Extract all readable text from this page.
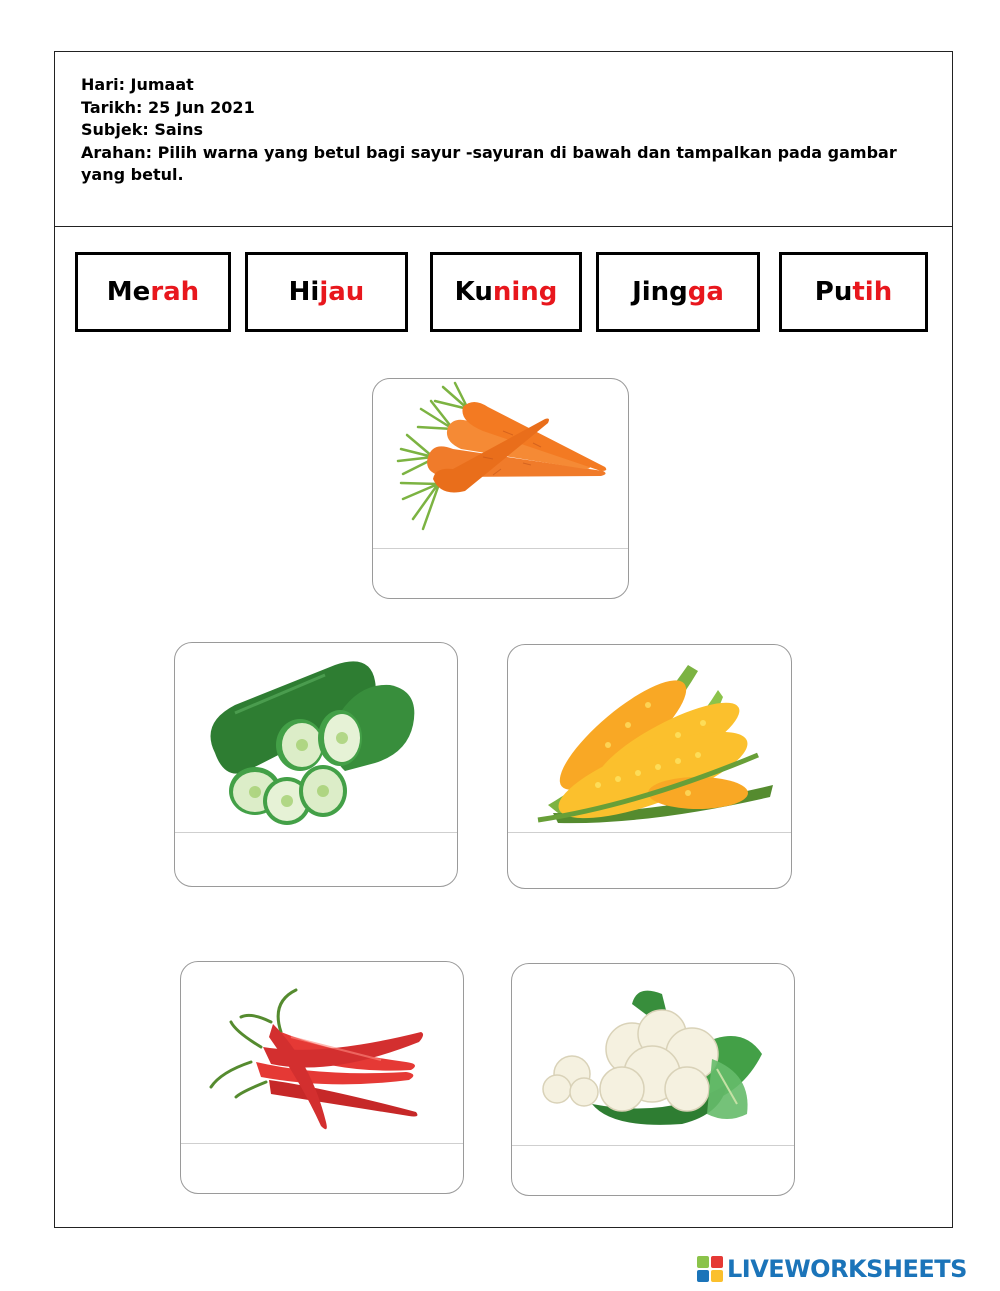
Hari: Jumaat
Tarikh: 25 Jun 2021
Subjek: Sains
Arahan: Pilih warna yang betul bagi sayur -sayuran di bawah dan tampalkan pada gambar yang betul.
Me rah	Hi jau	Ku ning	Jing ga	Pu tih
LIVEWORKSHEETS
